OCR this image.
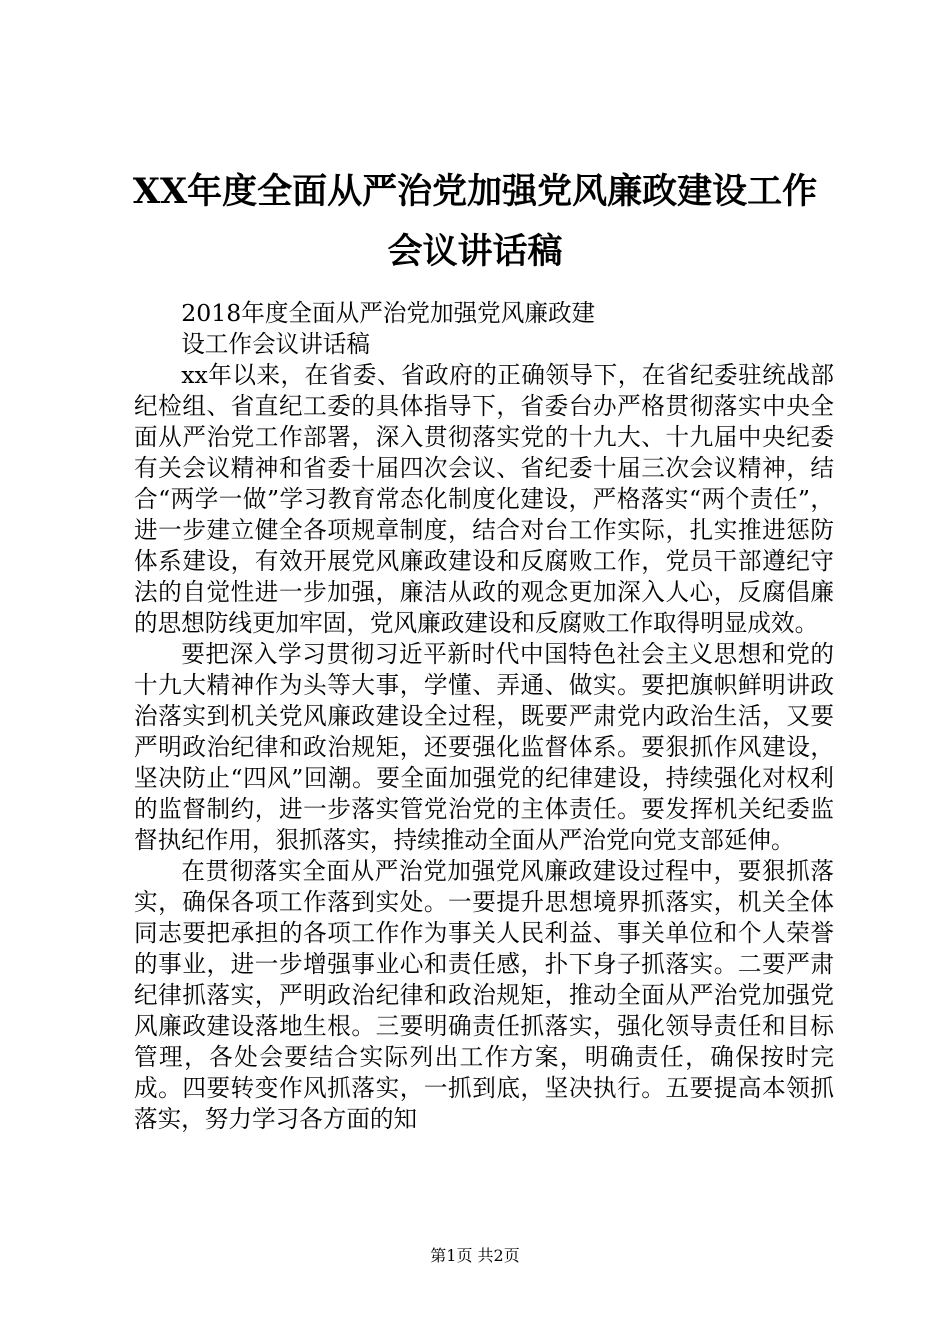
XX年度全面从严治党加强党风廉政建设工作
会议讲话稿

2018年度全面从严治党加强党风廉政建

设工作会议讲话稿

xx年以来，在省委、省政府的正确领导下，在省纪委驻统战部纪检组、省直纪工委的具体指导下，省委台办严格贯彻落实中央全面从严治党工作部署，深入贯彻落实党的十九大、十九届中央纪委有关会议精神和省委十届四次会议、省纪委十届三次会议精神，结合“两学一做”学习教育常态化制度化建设，严格落实“两个责任”，进一步建立健全各项规章制度，结合对台工作实际，扎实推进惩防体系建设，有效开展党风廉政建设和反腐败工作，党员干部遵纪守法的自觉性进一步加强，廉洁从政的观念更加深入人心，反腐倡廉的思想防线更加牢固，党风廉政建设和反腐败工作取得明显成效。

要把深入学习贯彻习近平新时代中国特色社会主义思想和党的十九大精神作为头等大事，学懂、弄通、做实。要把旗帜鲜明讲政治落实到机关党风廉政建设全过程，既要严肃党内政治生活，又要严明政治纪律和政治规矩，还要强化监督体系。要狠抓作风建设，坚决防止“四风”回潮。要全面加强党的纪律建设，持续强化对权利的监督制约，进一步落实管党治党的主体责任。要发挥机关纪委监督执纪作用，狠抓落实，持续推动全面从严治党向党支部延伸。

在贯彻落实全面从严治党加强党风廉政建设过程中，要狠抓落实，确保各项工作落到实处。一要提升思想境界抓落实，机关全体同志要把承担的各项工作作为事关人民利益、事关单位和个人荣誉的事业，进一步增强事业心和责任感，扑下身子抓落实。二要严肃纪律抓落实，严明政治纪律和政治规矩，推动全面从严治党加强党风廉政建设落地生根。三要明确责任抓落实，强化领导责任和目标管理，各处会要结合实际列出工作方案，明确责任，确保按时完成。四要转变作风抓落实，一抓到底，坚决执行。五要提高本领抓落实，努力学习各方面的知

第1页 共2页
